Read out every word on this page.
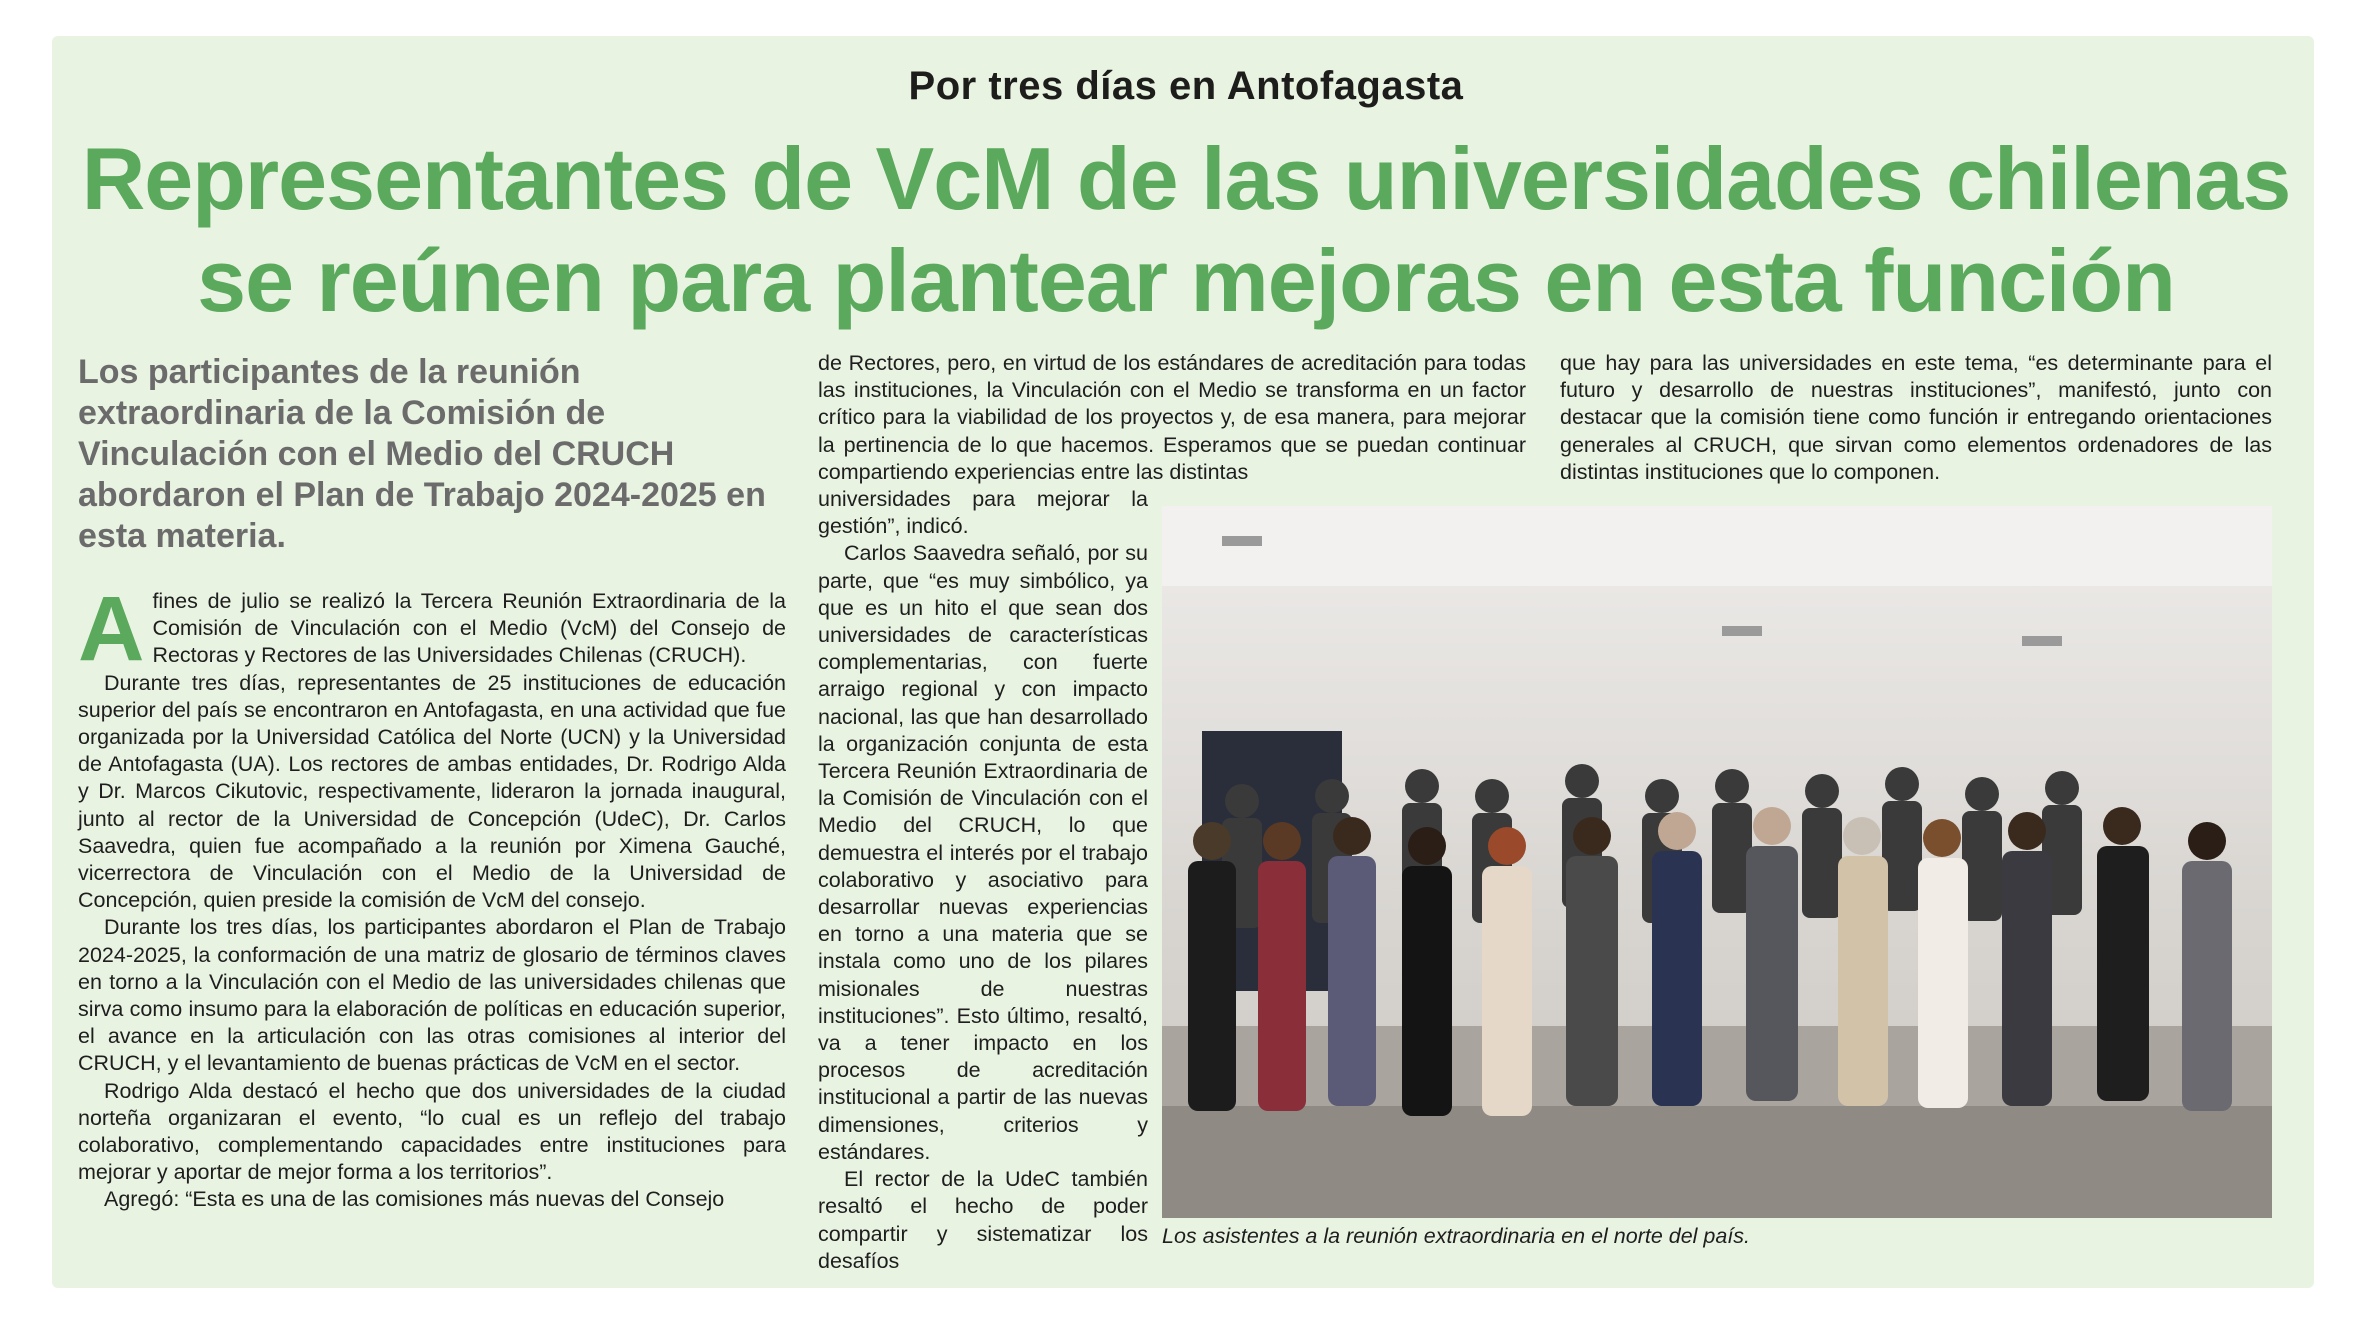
Por tres días en Antofagasta
Representantes de VcM de las universidades chilenas
se reúnen para plantear mejoras en esta función
Los participantes de la reunión extraordinaria de la Comisión de Vinculación con el Medio del CRUCH abordaron el Plan de Trabajo 2024-2025 en esta materia.

Afines de julio se realizó la Tercera Reunión Extraordinaria de la Comisión de Vinculación con el Medio (VcM) del Consejo de Rectoras y Rectores de las Universidades Chilenas (CRUCH).

Durante tres días, representantes de 25 instituciones de educación superior del país se encontraron en Antofagasta, en una actividad que fue organizada por la Universidad Católica del Norte (UCN) y la Universidad de Antofagasta (UA). Los rectores de ambas entidades, Dr. Rodrigo Alda y Dr. Marcos Cikutovic, respectivamente, lideraron la jornada inaugural, junto al rector de la Universidad de Concepción (UdeC), Dr. Carlos Saavedra, quien fue acompañado a la reunión por Ximena Gauché, vicerrectora de Vinculación con el Medio de la Universidad de Concepción, quien preside la comisión de VcM del consejo.

Durante los tres días, los participantes abordaron el Plan de Trabajo 2024-2025, la conformación de una matriz de glosario de términos claves en torno a la Vinculación con el Medio de las universidades chilenas que sirva como insumo para la elaboración de políticas en educación superior, el avance en la articulación con las otras comisiones al interior del CRUCH, y el levantamiento de buenas prácticas de VcM en el sector.

Rodrigo Alda destacó el hecho que dos universidades de la ciudad norteña organizaran el evento, “lo cual es un reflejo del trabajo colaborativo, complementando capacidades entre instituciones para mejorar y aportar de mejor forma a los territorios”.

Agregó: “Esta es una de las comisiones más nuevas del Consejo

de Rectores, pero, en virtud de los estándares de acreditación para todas las instituciones, la Vinculación con el Medio se transforma en un factor crítico para la viabilidad de los proyectos y, de esa manera, para mejorar la pertinencia de lo que hacemos. Esperamos que se puedan continuar compartiendo experiencias entre las distintas

universidades para mejorar la gestión”, indicó.

Carlos Saavedra señaló, por su parte, que “es muy simbólico, ya que es un hito el que sean dos universidades de características complementarias, con fuerte arraigo regional y con impacto nacional, las que han desarrollado la organización conjunta de esta Tercera Reunión Extraordinaria de la Comisión de Vinculación con el Medio del CRUCH, lo que demuestra el interés por el trabajo colaborativo y asociativo para desarrollar nuevas experiencias en torno a una materia que se instala como uno de los pilares misionales de nuestras instituciones”. Esto último, resaltó, va a tener impacto en los procesos de acreditación institucional a partir de las nuevas dimensiones, criterios y estándares.

El rector de la UdeC también resaltó el hecho de poder compartir y sistematizar los desafíos

que hay para las universidades en este tema, “es determinante para el futuro y desarrollo de nuestras instituciones”, manifestó, junto con destacar que la comisión tiene como función ir entregando orientaciones generales al CRUCH, que sirvan como elementos ordenadores de las distintas instituciones que lo componen.

Los asistentes a la reunión extraordinaria en el norte del país.
